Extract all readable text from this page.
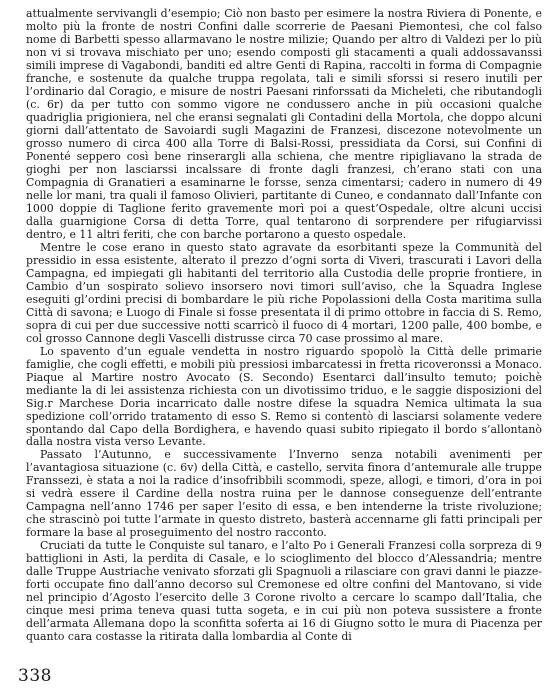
attualmente servivangli d’esempio; Ciò non basto per esimere la nostra Riviera di Ponente, e molto più la fronte de nostri Confini dalle scorrerie de Paesani Piemontesi, che col falso nome di Barbetti spesso allarmavano le nostre milizie; Quando per altro di Valdezi per lo più non vi si trovava mischiato per uno; esendo composti gli stacamenti a quali addossavanssi simili imprese di Vagabondi, banditi ed altre Genti di Rapina, raccolti in forma di Compagnie franche, e sostenute da qualche truppa regolata, tali e simili sforssi si resero inutili per l’ordinario dal Coragio, e misure de nostri Paesani rinforssati da Micheleti, che ributandogli (c. 6r) da per tutto con sommo vigore ne condussero anche in più occasioni qualche quadriglia prigioniera, nel che eransi segnalati gli Contadini della Mortola, che doppo alcuni giorni dall’attentato de Savoiardi sugli Magazini de Franzesi, discezone notevolmente un grosso numero di circa 400 alla Torre di Balsi-Rossi, pressidiata da Corsi, sui Confini di Ponenté seppero così bene rinserargli alla schiena, che mentre ripigliavano la strada de gioghi per non lasciarssi incalssare di fronte dagli franzesi, ch’erano stati con una Compagnia di Granatieri a esaminarne le forsse, senza cimentarsi; cadero in numero di 49 nelle lor mani, tra quali il famoso Olivieri, partitante di Cuneo, e condannato dall’Infante con 1000 doppie di Taglione ferito gravemente morì poi a quest’Ospedale, oltre alcuni uccisi dalla guarnigione Corsa di detta Torre, qual tentarono di sorprendere per rifugiarvissi dentro, e 11 altri feriti, che con barche portarono a questo ospedale.

Mentre le cose erano in questo stato agravate da esorbitanti speze la Communità del pressidio in essa esistente, alterato il prezzo d’ogni sorta di Viveri, trascurati i Lavori della Campagna, ed impiegati gli habitanti del territorio alla Custodia delle proprie frontiere, in Cambio d’un sospirato solievo insorsero novi timori sull’aviso, che la Squadra Inglese eseguiti gl’ordini precisi di bombardare le più riche Popolassioni della Costa maritima sulla Città di savona; e Luogo di Finale si fosse presentata il di primo ottobre in faccia di S. Remo, sopra di cui per due successive notti scarricò il fuoco di 4 mortari, 1200 palle, 400 bombe, e col grosso Cannone degli Vascelli distrusse circa 70 case prossimo al mare.

Lo spavento d’un eguale vendetta in nostro riguardo spopolò la Città delle primarie famiglie, che cogli effetti, e mobili più pressiosi imbarcatessi in fretta ricoveronssi a Monaco. Piaque al Martire nostro Avocato (S. Secondo) Esentarci dall’insulto temuto; poichè mediante la di lei assistenza richiesta con un divotissimo triduo, e le saggie disposizioni del Sig.r Marchese Doria incarricato dalle nostre difese la squadra Nemica ultimata la sua spedizione coll’orrido tratamento di esso S. Remo si contentò di lasciarsi solamente vedere spontando dal Capo della Bordighera, e havendo quasi subito ripiegato il bordo s’allontanò dalla nostra vista verso Levante.

Passato l’Autunno, e successivamente l’Inverno senza notabili avenimenti per l’avantagiosa situazione (c. 6v) della Città, e castello, servita finora d’antemurale alle truppe Franssezi, è stata a noi la radice d’insofribbili scommodi, speze, allogi, e timori, d’ora in poi si vedrà essere il Cardine della nostra ruina per le dannose conseguenze dell’entrante Campagna nell’anno 1746 per saper l’esito di essa, e ben intenderne la triste rivoluzione; che strascinò poi tutte l’armate in questo distreto, basterà accennarne gli fatti principali per formare la base al proseguimento del nostro racconto.

Cruciati da tutte le Conquiste sul tanaro, e l’alto Po i Generali Franzesi colla sorpreza di 9 battiglioni in Asti, la perdita di Casale, e lo scioglimento del blocco d’Alessandria; mentre dalle Truppe Austriache venivato sforzati gli Spagnuoli a rilasciare con gravi danni le piazze-forti occupate fino dall’anno decorso sul Cremonese ed oltre confini del Mantovano, si vide nel principio d’Agosto l’esercito delle 3 Corone rivolto a cercare lo scampo dall’Italia, che cinque mesi prima teneva quasi tutta sogeta, e in cui più non poteva sussistere a fronte dell’armata Allemana dopo la sconfitta soferta ai 16 di Giugno sotto le mura di Piacenza per quanto cara costasse la ritirata dalla lombardia al Conte di

338
